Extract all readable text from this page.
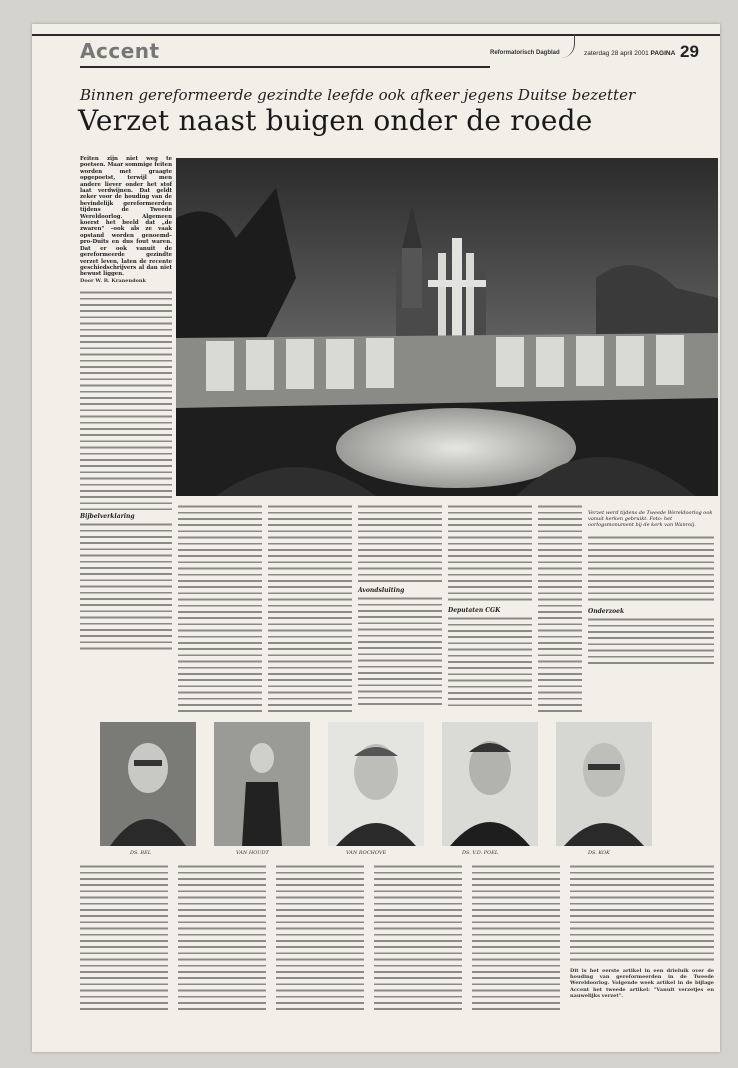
Accent	Reformatorisch Dagblad	zaterdag 28 april 2001 PAGINA 29
Binnen gereformeerde gezindte leefde ook afkeer jegens Duitse bezetter
Verzet naast buigen onder de roede

Feiten zijn niet weg te poetsen. Maar sommige feiten worden met graagte opgepoetst, terwijl men andere liever onder het stof laat verdwijnen. Dat geldt zeker voor de houding van de bevindelijk gereformeerden tijdens de Tweede Wereldoorlog. Algemeen koerst het beeld dat „de zwaren” –ook als ze vaak opstand worden genoemd– pro-Duits en dus fout waren. Dat er ook vanuit de gereformeerde gezindte verzet leven, laten de recente geschiedschrijvers al dan niet bewust liggen.

Door W. B. Kranendonk

Bijbelverklaring

Avondsluiting

Deputaten CGK

Verzet werd tijdens de Tweede Wereldoorlog ook vanuit kerken gebruikt. Foto: het oorlogsmonument bij de kerk van Wanroij.

Onderzoek

DS. BEL	VAN HOUDT	VAN ROCHOVE	DS. V.D. POEL	DS. KOK

Dit is het eerste artikel in een drieluik over de houding van gereformeerden in de Tweede Wereldoorlog. Volgende week artikel in de bijlage Accent het tweede artikel: "Vanuit verzetjes en nauwelijks verzet".
